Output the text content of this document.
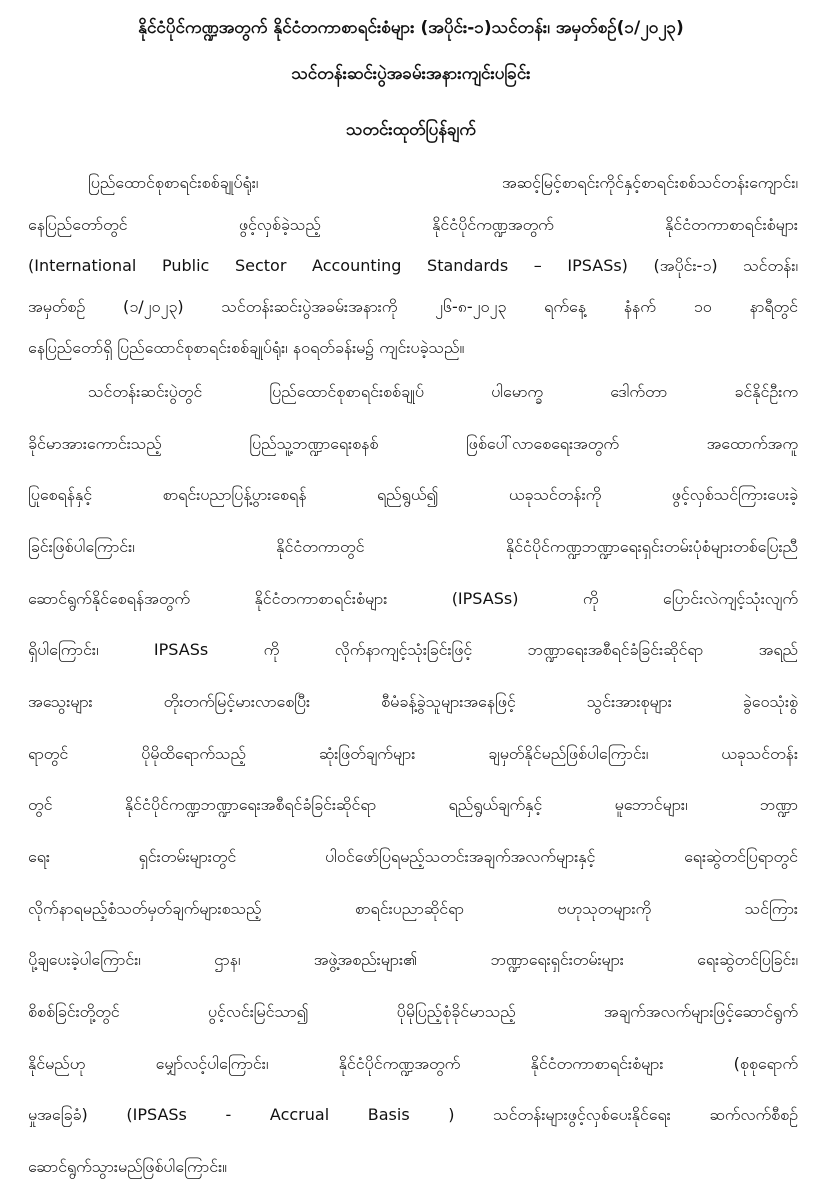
နိုင်ငံပိုင်ကဏ္ဍအတွက် နိုင်ငံတကာစာရင်းစံများ (အပိုင်း-၁)သင်တန်း၊ အမှတ်စဉ်(၁/၂၀၂၃)
သင်တန်းဆင်းပွဲအခမ်းအနားကျင်းပခြင်း
သတင်းထုတ်ပြန်ချက်
ပြည်ထောင်စုစာရင်းစစ်ချုပ်ရုံး၊ အဆင့်မြင့်စာရင်းကိုင်နှင့်စာရင်းစစ်သင်တန်းကျောင်း၊
နေပြည်တော်တွင် ဖွင့်လှစ်ခဲ့သည့် နိုင်ငံပိုင်ကဏ္ဍအတွက် နိုင်ငံတကာစာရင်းစံများ
(International Public Sector Accounting Standards – IPSASs) (အပိုင်း-၁) သင်တန်း၊
အမှတ်စဉ် (၁/၂၀၂၃) သင်တန်းဆင်းပွဲအခမ်းအနားကို ၂၆-၈-၂၀၂၃ ရက်နေ့ နံနက် ၁၀ နာရီတွင်
နေပြည်တော်ရှိ ပြည်ထောင်စုစာရင်းစစ်ချုပ်ရုံး၊ န၀ရတ်ခန်းမ၌ ကျင်းပခဲ့သည်။
သင်တန်းဆင်းပွဲတွင် ပြည်ထောင်စုစာရင်းစစ်ချုပ် ပါမောက္ခ ဒေါက်တာ ခင်နိုင်ဦးက
ခိုင်မာအားကောင်းသည့် ပြည်သူ့ဘဏ္ဍာရေးစနစ် ဖြစ်ပေါ်လာစေရေးအတွက် အထောက်အကူ
ပြုစေရန်နှင့် စာရင်းပညာပြန့်ပွားစေရန် ရည်ရွယ်၍ ယခုသင်တန်းကို ဖွင့်လှစ်သင်ကြားပေးခဲ့
ခြင်းဖြစ်ပါကြောင်း၊ နိုင်ငံတကာတွင် နိုင်ငံပိုင်ကဏ္ဍဘဏ္ဍာရေးရှင်းတမ်းပုံစံများတစ်ပြေးညီ
ဆောင်ရွက်နိုင်စေရန်အတွက် နိုင်ငံတကာစာရင်းစံများ (IPSASs) ကို ပြောင်းလဲကျင့်သုံးလျက်
ရှိပါကြောင်း၊ IPSASs ကို လိုက်နာကျင့်သုံးခြင်းဖြင့် ဘဏ္ဍာရေးအစီရင်ခံခြင်းဆိုင်ရာ အရည်
အသွေးများ တိုးတက်မြင့်မားလာစေပြီး စီမံခန့်ခွဲသူများအနေဖြင့် သွင်းအားစုများ ခွဲဝေသုံးစွဲ
ရာတွင် ပိုမိုထိရောက်သည့် ဆုံးဖြတ်ချက်များ ချမှတ်နိုင်မည်ဖြစ်ပါကြောင်း၊ ယခုသင်တန်း
တွင် နိုင်ငံပိုင်ကဏ္ဍဘဏ္ဍာရေးအစီရင်ခံခြင်းဆိုင်ရာ ရည်ရွယ်ချက်နှင့် မူဘောင်များ၊ ဘဏ္ဍာ
ရေး ရှင်းတမ်းများတွင် ပါ၀င်ဖော်ပြရမည့်သတင်းအချက်အလက်များနှင့် ရေးဆွဲတင်ပြရာတွင်
လိုက်နာရမည့်စံသတ်မှတ်ချက်များစသည့် စာရင်းပညာဆိုင်ရာ ဗဟုသုတများကို သင်ကြား
ပို့ချပေးခဲ့ပါကြောင်း၊ ဌာန၊ အဖွဲ့အစည်းများ၏ ဘဏ္ဍာရေးရှင်းတမ်းများ ရေးဆွဲတင်ပြခြင်း၊
စိစစ်ခြင်းတို့တွင် ပွင့်လင်းမြင်သာ၍ ပိုမိုပြည့်စုံခိုင်မာသည့် အချက်အလက်များဖြင့်ဆောင်ရွက်
နိုင်မည်ဟု မျှော်လင့်ပါကြောင်း၊ နိုင်ငံပိုင်ကဏ္ဍအတွက် နိုင်ငံတကာစာရင်းစံများ (စုစုရောက်
မှုအခြေခံ) (IPSASs - Accrual Basis ) သင်တန်းများဖွင့်လှစ်ပေးနိုင်ရေး ဆက်လက်စီစဉ်
ဆောင်ရွက်သွားမည်ဖြစ်ပါကြောင်း။
